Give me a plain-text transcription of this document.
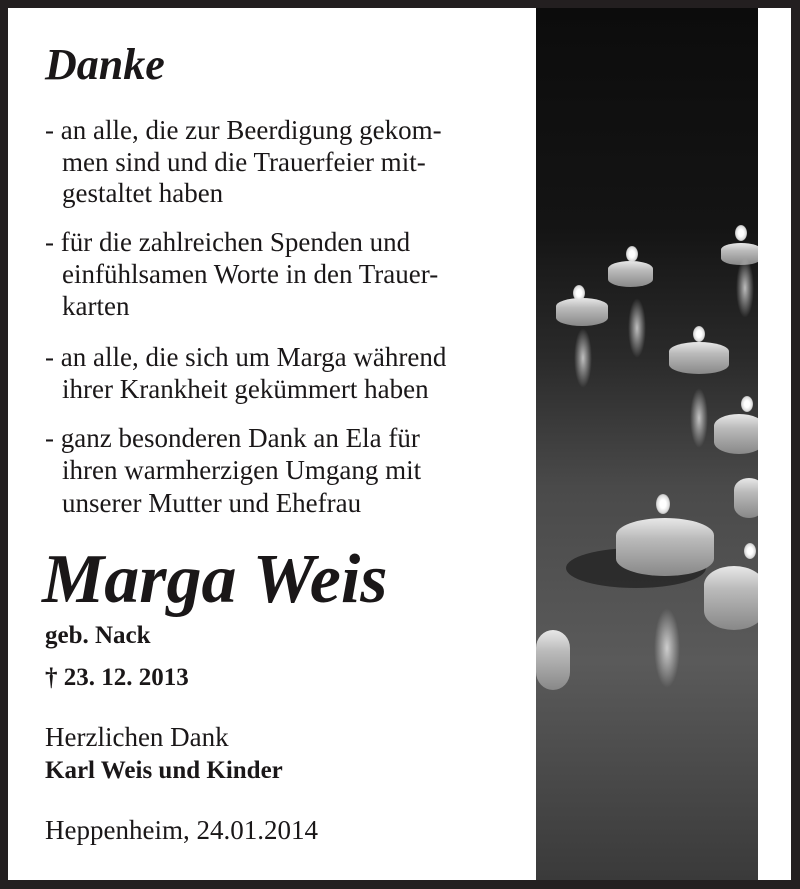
Danke
- an alle, die zur Beerdigung gekom-
men sind und die Trauerfeier mit-
gestaltet haben
- für die zahlreichen Spenden und
einfühlsamen Worte in den Trauer-
karten
- an alle, die sich um Marga während
ihrer Krankheit gekümmert haben
- ganz besonderen Dank an Ela für
ihren warmherzigen Umgang mit
unserer Mutter und Ehefrau
Marga Weis
geb. Nack
† 23. 12. 2013
Herzlichen Dank
Karl Weis und Kinder
Heppenheim, 24.01.2014
